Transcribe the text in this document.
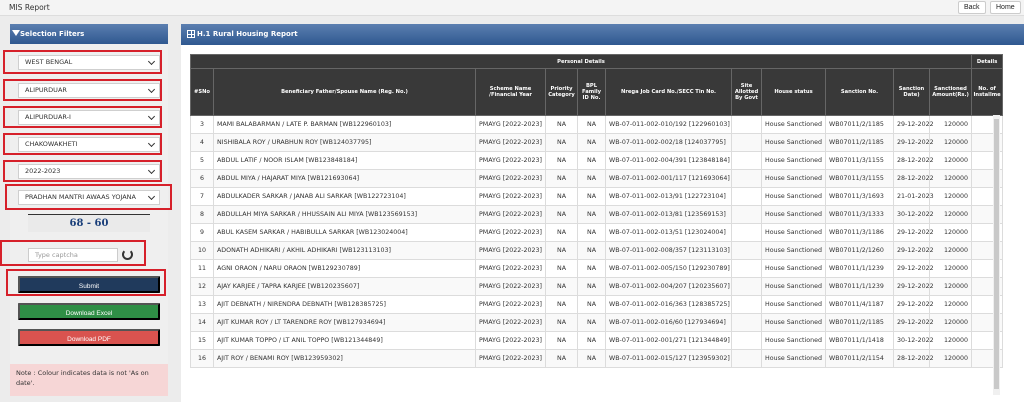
MIS Report	Back	Home
Selection Filters
WEST BENGAL
ALIPURDUAR
ALIPURDUAR-I
CHAKOWAKHETI
2022-2023
PRADHAN MANTRI AWAAS YOJANA
68 - 60
Type captcha
Submit
Download Excel
Download PDF
Note : Colour indicates data is not 'As on date'.
H.1 Rural Housing Report
Personal Details											Details
#SNo	Beneficiary Father/Spouse Name (Reg. No.)	Scheme Name /Financial Year	Priority Category	BPL Family ID No.	Nrega Job Card No./SECC Tin No.	Site Allotted By Govt	House status	Sanction No.	Sanction Date)	Sanctioned Amount(Rs.)	No. of Installme
3	MAMI BALABARMAN / LATE P. BARMAN [WB122960103]	PMAYG [2022-2023]	NA	NA	WB-07-011-002-010/192 [122960103]		House Sanctioned	WB07011/2/1185	29-12-2022	120000	
4	NISHIBALA ROY / URABHUN ROY [WB124037795]	PMAYG [2022-2023]	NA	NA	WB-07-011-002-002/18 [124037795]		House Sanctioned	WB07011/2/1185	29-12-2022	120000	
5	ABDUL LATIF / NOOR ISLAM [WB123848184]	PMAYG [2022-2023]	NA	NA	WB-07-011-002-004/391 [123848184]		House Sanctioned	WB07011/3/1155	28-12-2022	120000	
6	ABDUL MIYA / HAJARAT MIYA [WB121693064]	PMAYG [2022-2023]	NA	NA	WB-07-011-002-001/117 [121693064]		House Sanctioned	WB07011/3/1155	28-12-2022	120000	
7	ABDULKADER SARKAR / JANAB ALI SARKAR [WB122723104]	PMAYG [2022-2023]	NA	NA	WB-07-011-002-013/91 [122723104]		House Sanctioned	WB07011/3/1693	21-01-2023	120000	
8	ABDULLAH MIYA SARKAR / HHUSSAIN ALI MIYA [WB123569153]	PMAYG [2022-2023]	NA	NA	WB-07-011-002-013/81 [123569153]		House Sanctioned	WB07011/3/1333	30-12-2022	120000	
9	ABUL KASEM SARKAR / HABIBULLA SARKAR [WB123024004]	PMAYG [2022-2023]	NA	NA	WB-07-011-002-013/51 [123024004]		House Sanctioned	WB07011/3/1186	29-12-2022	120000	
10	ADONATH ADHIKARI / AKHIL ADHIKARI [WB123113103]	PMAYG [2022-2023]	NA	NA	WB-07-011-002-008/357 [123113103]		House Sanctioned	WB07011/2/1260	29-12-2022	120000	
11	AGNI ORAON / NARU ORAON [WB129230789]	PMAYG [2022-2023]	NA	NA	WB-07-011-002-005/150 [129230789]		House Sanctioned	WB07011/1/1239	29-12-2022	120000	
12	AJAY KARJEE / TAPRA KARJEE [WB120235607]	PMAYG [2022-2023]	NA	NA	WB-07-011-002-004/207 [120235607]		House Sanctioned	WB07011/1/1239	29-12-2022	120000	
13	AJIT DEBNATH / NIRENDRA DEBNATH [WB128385725]	PMAYG [2022-2023]	NA	NA	WB-07-011-002-016/363 [128385725]		House Sanctioned	WB07011/4/1187	29-12-2022	120000	
14	AJIT KUMAR ROY / LT TARENDRE ROY [WB127934694]	PMAYG [2022-2023]	NA	NA	WB-07-011-002-016/60 [127934694]		House Sanctioned	WB07011/2/1185	29-12-2022	120000	
15	AJIT KUMAR TOPPO / LT ANIL TOPPO [WB121344849]	PMAYG [2022-2023]	NA	NA	WB-07-011-002-001/271 [121344849]		House Sanctioned	WB07011/1/1418	30-12-2022	120000	
16	AJIT ROY / BENAMI ROY [WB123959302]	PMAYG [2022-2023]	NA	NA	WB-07-011-002-015/127 [123959302]		House Sanctioned	WB07011/2/1154	28-12-2022	120000	
